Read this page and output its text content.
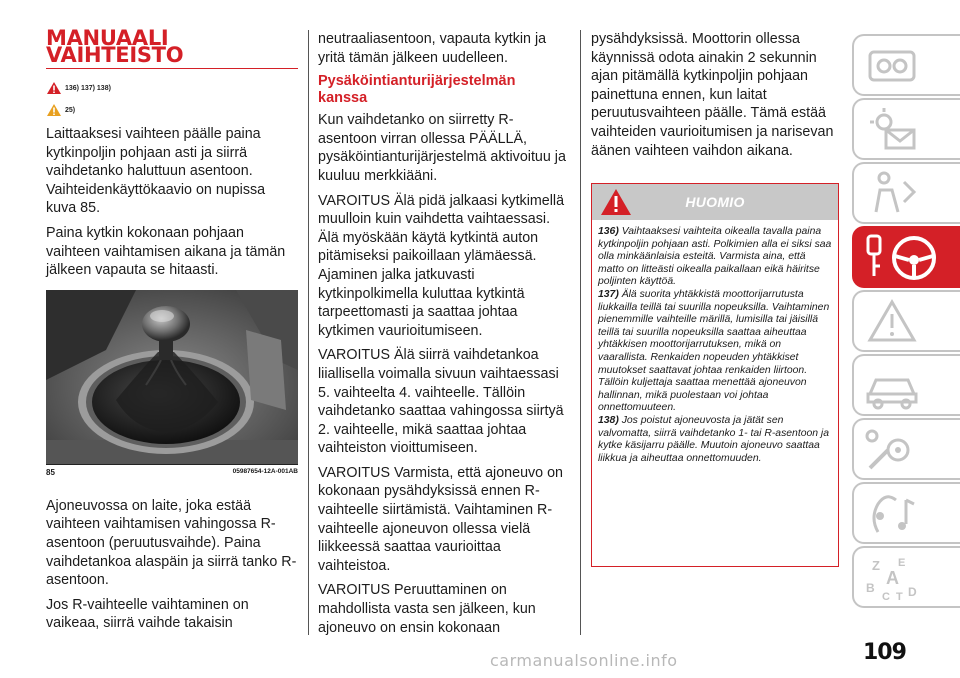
MANUAALI
VAIHTEISTO
136) 137) 138)
25)

Laittaaksesi vaihteen päälle paina kytkinpoljin pohjaan asti ja siirrä vaihdetanko haluttuun asentoon. Vaihteidenkäyttökaavio on nupissa kuva 85.

Paina kytkin kokonaan pohjaan vaihteen vaihtamisen aikana ja tämän jälkeen vapauta se hitaasti.

85	05987654-12A-001AB

Ajoneuvossa on laite, joka estää vaihteen vaihtamisen vahingossa R-asentoon (peruutusvaihde). Paina vaihdetankoa alaspäin ja siirrä tanko R-asentoon.

Jos R-vaihteelle vaihtaminen on vaikeaa, siirrä vaihde takaisin

neutraaliasentoon, vapauta kytkin ja yritä tämän jälkeen uudelleen.

Pysäköintianturijärjestelmän kanssa

Kun vaihdetanko on siirretty R-asentoon virran ollessa PÄÄLLÄ, pysäköintianturijärjestelmä aktivoituu ja kuuluu merkkiääni.

VAROITUS Älä pidä jalkaasi kytkimellä muulloin kuin vaihdetta vaihtaessasi. Älä myöskään käytä kytkintä auton pitämiseksi paikoillaan ylämäessä. Ajaminen jalka jatkuvasti kytkinpolkimella kuluttaa kytkintä tarpeettomasti ja saattaa johtaa kytkimen vaurioitumiseen.

VAROITUS Älä siirrä vaihdetankoa liiallisella voimalla sivuun vaihtaessasi 5. vaihteelta 4. vaihteelle. Tällöin vaihdetanko saattaa vahingossa siirtyä 2. vaihteelle, mikä saattaa johtaa vaihteiston vioittumiseen.

VAROITUS Varmista, että ajoneuvo on kokonaan pysähdyksissä ennen R-vaihteelle siirtämistä. Vaihtaminen R-vaihteelle ajoneuvon ollessa vielä liikkeessä saattaa vaurioittaa vaihteistoa.

VAROITUS Peruuttaminen on mahdollista vasta sen jälkeen, kun ajoneuvo on ensin kokonaan

pysähdyksissä. Moottorin ollessa käynnissä odota ainakin 2 sekunnin ajan pitämällä kytkinpoljin pohjaan painettuna ennen, kun laitat peruutusvaihteen päälle. Tämä estää vaihteiden vaurioitumisen ja narisevan äänen vaihteen vaihdon aikana.

HUOMIO

136) Vaihtaaksesi vaihteita oikealla tavalla paina kytkinpoljin pohjaan asti. Polkimien alla ei siksi saa olla minkäänlaisia esteitä. Varmista aina, että matto on litteästi oikealla paikallaan eikä häiritse poljinten käyttöä.

137) Älä suorita yhtäkkistä moottorijarrutusta liukkailla teillä tai suurilla nopeuksilla. Vaihtaminen pienemmille vaihteille märillä, lumisilla tai jäisillä teillä tai suurilla nopeuksilla saattaa aiheuttaa yhtäkkisen moottorijarrutuksen, mikä on vaarallista. Renkaiden nopeuden yhtäkkiset muutokset saattavat johtaa renkaiden liirtoon. Tällöin kuljettaja saattaa menettää ajoneuvon hallinnan, mikä puolestaan voi johtaa onnettomuuteen.

138) Jos poistut ajoneuvosta ja jätät sen valvomatta, siirrä vaihdetanko 1- tai R-asentoon ja kytke käsijarru päälle. Muutoin ajoneuvo saattaa liikkua ja aiheuttaa onnettomuuden.

Z E
A
B
C T D
carmanualsonline.info	109
